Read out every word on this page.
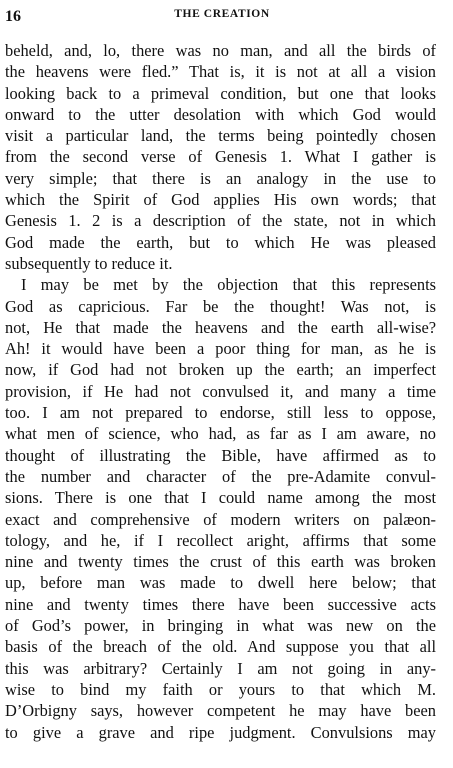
16	THE CREATION
beheld, and, lo, there was no man, and all the birds of
the heavens were fled.” That is, it is not at all a vision
looking back to a primeval condition, but one that looks
onward to the utter desolation with which God would
visit a particular land, the terms being pointedly chosen
from the second verse of Genesis 1. What I gather is
very simple; that there is an analogy in the use to
which the Spirit of God applies His own words; that
Genesis 1. 2 is a description of the state, not in which
God made the earth, but to which He was pleased
subsequently to reduce it.
I may be met by the objection that this represents
God as capricious. Far be the thought! Was not, is
not, He that made the heavens and the earth all-wise?
Ah! it would have been a poor thing for man, as he is
now, if God had not broken up the earth; an imperfect
provision, if He had not convulsed it, and many a time
too. I am not prepared to endorse, still less to oppose,
what men of science, who had, as far as I am aware, no
thought of illustrating the Bible, have affirmed as to
the number and character of the pre-Adamite convul-
sions. There is one that I could name among the most
exact and comprehensive of modern writers on palæon-
tology, and he, if I recollect aright, affirms that some
nine and twenty times the crust of this earth was broken
up, before man was made to dwell here below; that
nine and twenty times there have been successive acts
of God’s power, in bringing in what was new on the
basis of the breach of the old. And suppose you that all
this was arbitrary? Certainly I am not going in any-
wise to bind my faith or yours to that which M.
D’Orbigny says, however competent he may have been
to give a grave and ripe judgment. Convulsions may
